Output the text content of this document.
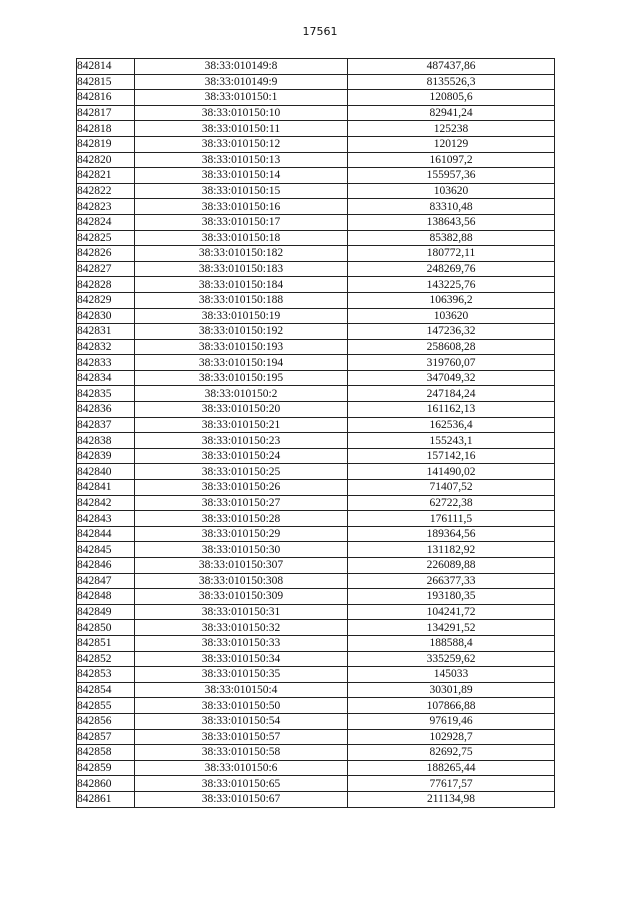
17561
842814	38:33:010149:8	487437,86
842815	38:33:010149:9	8135526,3
842816	38:33:010150:1	120805,6
842817	38:33:010150:10	82941,24
842818	38:33:010150:11	125238
842819	38:33:010150:12	120129
842820	38:33:010150:13	161097,2
842821	38:33:010150:14	155957,36
842822	38:33:010150:15	103620
842823	38:33:010150:16	83310,48
842824	38:33:010150:17	138643,56
842825	38:33:010150:18	85382,88
842826	38:33:010150:182	180772,11
842827	38:33:010150:183	248269,76
842828	38:33:010150:184	143225,76
842829	38:33:010150:188	106396,2
842830	38:33:010150:19	103620
842831	38:33:010150:192	147236,32
842832	38:33:010150:193	258608,28
842833	38:33:010150:194	319760,07
842834	38:33:010150:195	347049,32
842835	38:33:010150:2	247184,24
842836	38:33:010150:20	161162,13
842837	38:33:010150:21	162536,4
842838	38:33:010150:23	155243,1
842839	38:33:010150:24	157142,16
842840	38:33:010150:25	141490,02
842841	38:33:010150:26	71407,52
842842	38:33:010150:27	62722,38
842843	38:33:010150:28	176111,5
842844	38:33:010150:29	189364,56
842845	38:33:010150:30	131182,92
842846	38:33:010150:307	226089,88
842847	38:33:010150:308	266377,33
842848	38:33:010150:309	193180,35
842849	38:33:010150:31	104241,72
842850	38:33:010150:32	134291,52
842851	38:33:010150:33	188588,4
842852	38:33:010150:34	335259,62
842853	38:33:010150:35	145033
842854	38:33:010150:4	30301,89
842855	38:33:010150:50	107866,88
842856	38:33:010150:54	97619,46
842857	38:33:010150:57	102928,7
842858	38:33:010150:58	82692,75
842859	38:33:010150:6	188265,44
842860	38:33:010150:65	77617,57
842861	38:33:010150:67	211134,98
